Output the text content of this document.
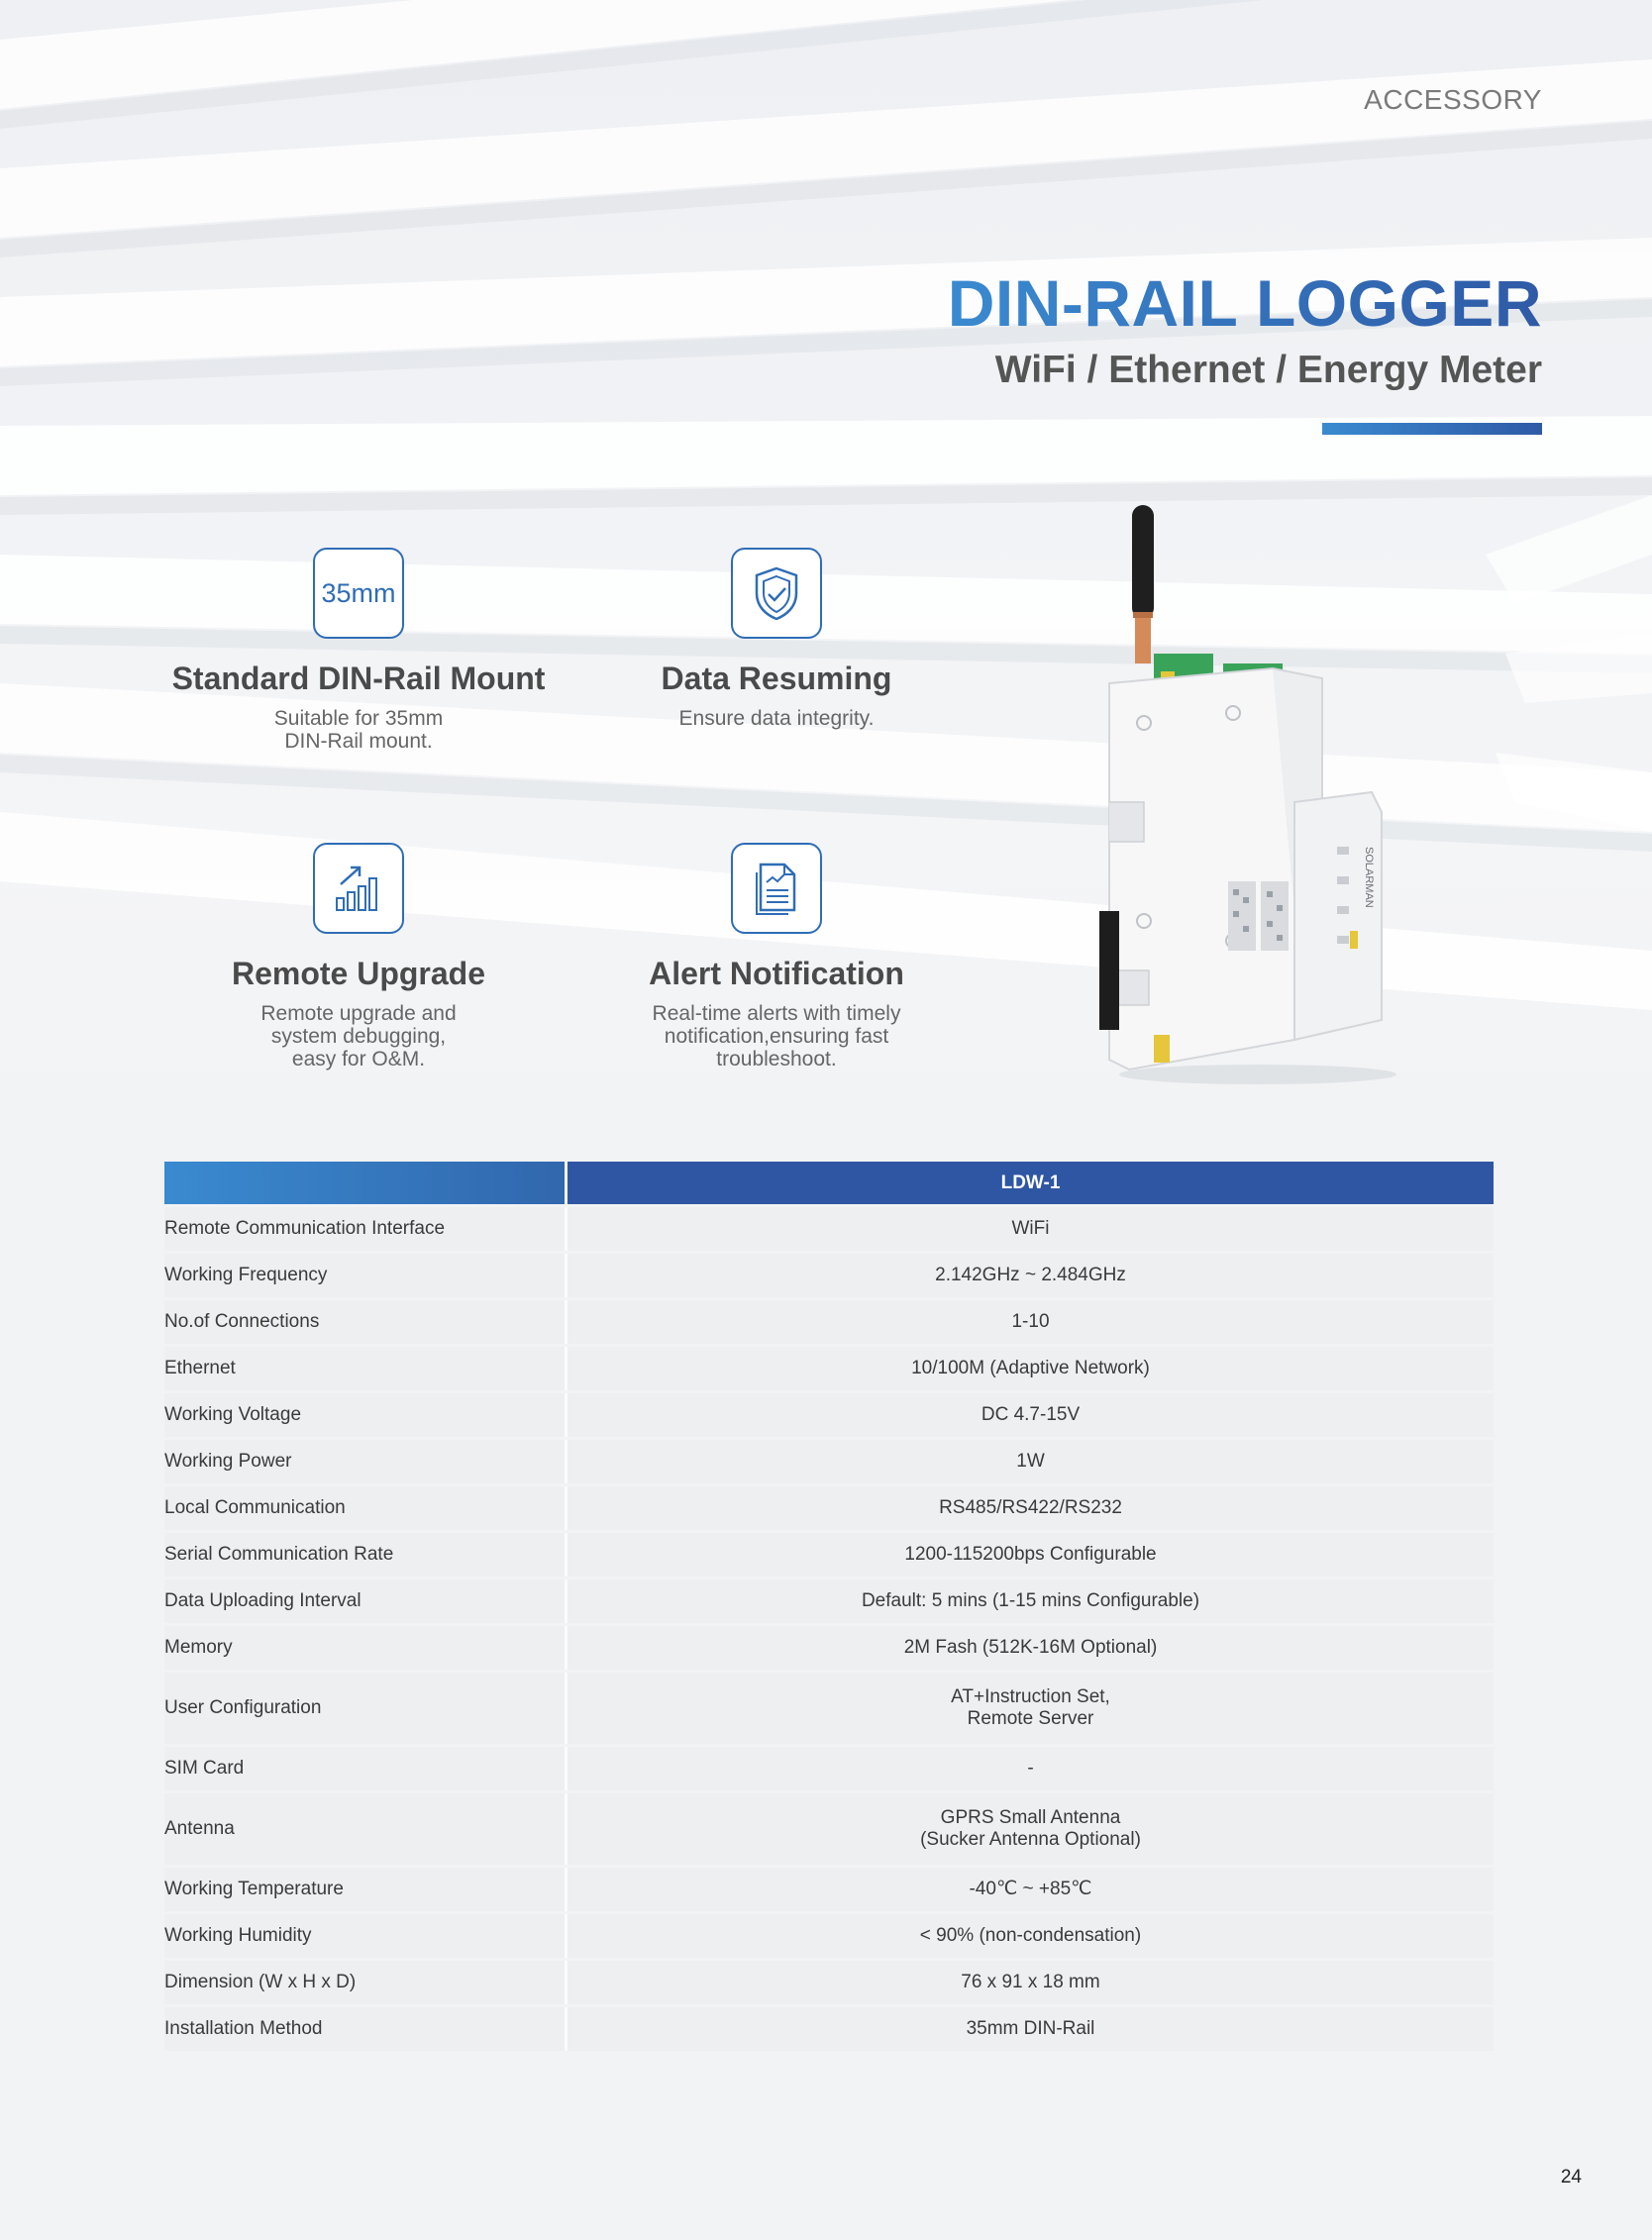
ACCESSORY
DIN-RAIL LOGGER
WiFi / Ethernet / Energy Meter
35mm
Standard DIN-Rail Mount

Suitable for 35mm
DIN-Rail mount.

Data Resuming

Ensure data integrity.

Remote Upgrade

Remote upgrade and
system debugging,
easy for O&M.

Alert Notification

Real-time alerts with timely
notification,ensuring fast
troubleshoot.

SOLARMAN
	LDW-1
Remote Communication Interface	WiFi
Working Frequency	2.142GHz ~ 2.484GHz
No.of Connections	1-10
Ethernet	10/100M (Adaptive Network)
Working Voltage	DC 4.7-15V
Working Power	1W
Local Communication	RS485/RS422/RS232
Serial Communication Rate	1200-115200bps Configurable
Data Uploading Interval	Default: 5 mins (1-15 mins Configurable)
Memory	2M Fash (512K-16M Optional)
User Configuration	AT+Instruction Set,
Remote Server
SIM Card	-
Antenna	GPRS Small Antenna
(Sucker Antenna Optional)
Working Temperature	-40℃ ~ +85℃
Working Humidity	< 90% (non-condensation)
Dimension (W x H x D)	76 x 91 x 18 mm
Installation Method	35mm DIN-Rail
24
